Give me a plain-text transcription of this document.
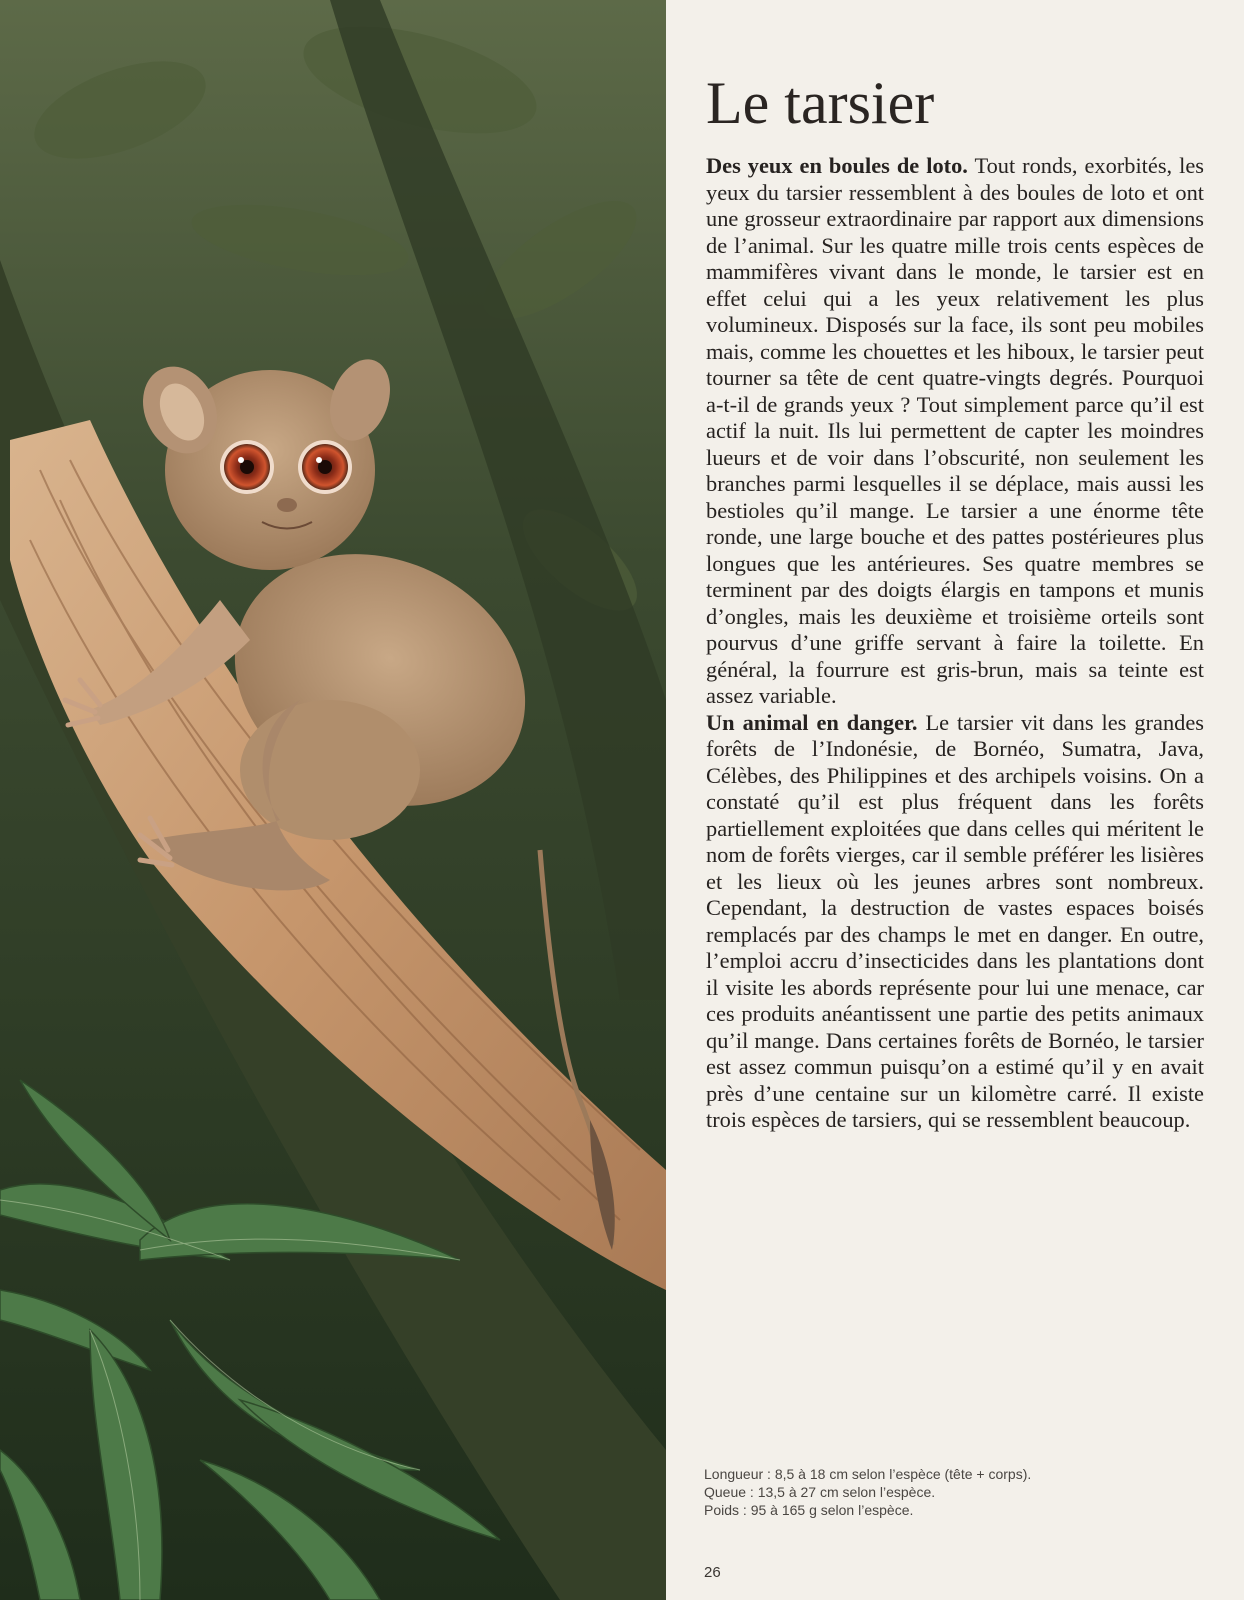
Le tarsier

Des yeux en boules de loto. Tout ronds, exorbités, les yeux du tarsier ressemblent à des boules de loto et ont une grosseur extraordinaire par rapport aux dimensions de l’animal. Sur les quatre mille trois cents espèces de mammifères vivant dans le monde, le tarsier est en effet celui qui a les yeux relativement les plus volumineux. Disposés sur la face, ils sont peu mobiles mais, comme les chouettes et les hiboux, le tarsier peut tourner sa tête de cent quatre-vingts degrés. Pourquoi a-t-il de grands yeux ? Tout simplement parce qu’il est actif la nuit. Ils lui permettent de capter les moindres lueurs et de voir dans l’obscurité, non seulement les branches parmi lesquelles il se déplace, mais aussi les bestioles qu’il mange. Le tarsier a une énorme tête ronde, une large bouche et des pattes postérieures plus longues que les antérieures. Ses quatre membres se terminent par des doigts élargis en tampons et munis d’ongles, mais les deuxième et troisième orteils sont pourvus d’une griffe servant à faire la toilette. En général, la fourrure est gris-brun, mais sa teinte est assez variable.

Un animal en danger. Le tarsier vit dans les grandes forêts de l’Indonésie, de Bornéo, Sumatra, Java, Célèbes, des Philippines et des archipels voisins. On a constaté qu’il est plus fréquent dans les forêts partiellement exploitées que dans celles qui méritent le nom de forêts vierges, car il semble préférer les lisières et les lieux où les jeunes arbres sont nombreux. Cependant, la destruction de vastes espaces boisés remplacés par des champs le met en danger. En outre, l’emploi accru d’insecticides dans les plantations dont il visite les abords représente pour lui une menace, car ces produits anéantissent une partie des petits animaux qu’il mange. Dans certaines forêts de Bornéo, le tarsier est assez commun puisqu’on a estimé qu’il y en avait près d’une centaine sur un kilomètre carré. Il existe trois espèces de tarsiers, qui se ressemblent beaucoup.

Longueur : 8,5 à 18 cm selon l’espèce (tête + corps).
Queue : 13,5 à 27 cm selon l’espèce.
Poids : 95 à 165 g selon l’espèce.
26
